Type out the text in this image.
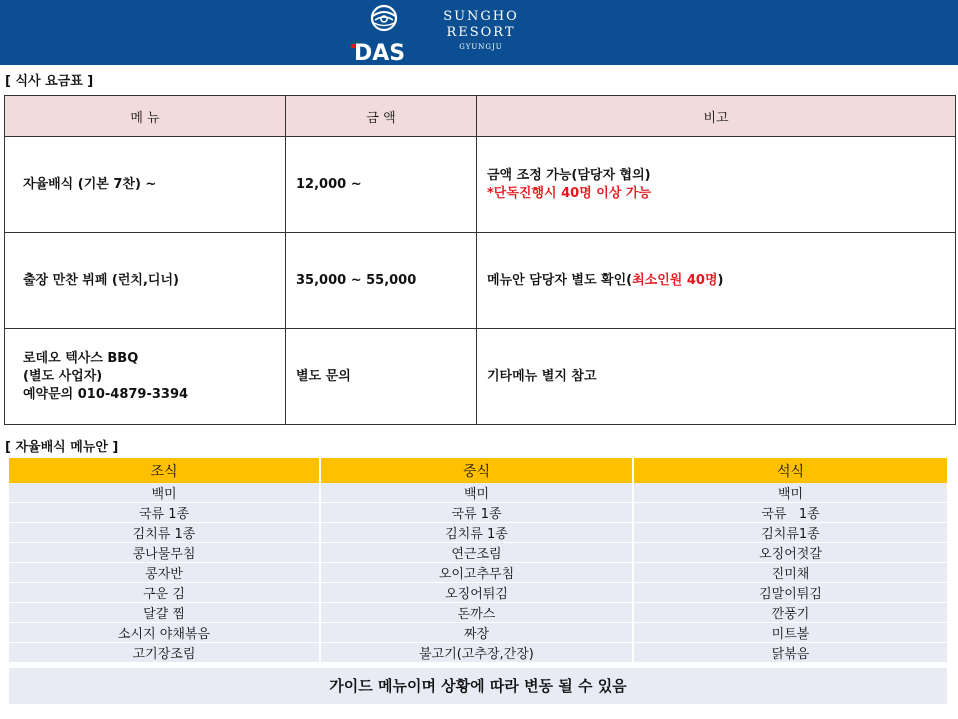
DAS
SUNGHO
RESORT
GYUNGJU
[ 식사 요금표 ]
메 뉴	금 액	비고
자율배식 (기본 7찬) ~	12,000 ~	금액 조정 가능(담당자 협의)
*단독진행시 40명 이상 가능

출장 만찬 뷔페 (런치,디너)	35,000 ~ 55,000	메뉴안 담당자 별도 확인(최소인원 40명)

로데오 텍사스 BBQ
(별도 사업자)
예약문의 010-4879-3394	별도 문의	기타메뉴 별지 참고
[ 자율배식 메뉴안 ]
조식	중식	석식
백미	백미	백미
국류 1종	국류 1종	국류   1종
김치류 1종	김치류 1종	김치류1종
콩나물무침	연근조림	오징어젓갈
콩자반	오이고추무침	진미채
구운 김	오징어튀김	김말이튀김
달걀 찜	돈까스	깐풍기
소시지 야채볶음	짜장	미트볼
고기장조림	불고기(고추장,간장)	닭볶음
가이드 메뉴이며 상황에 따라 변동 될 수 있음
